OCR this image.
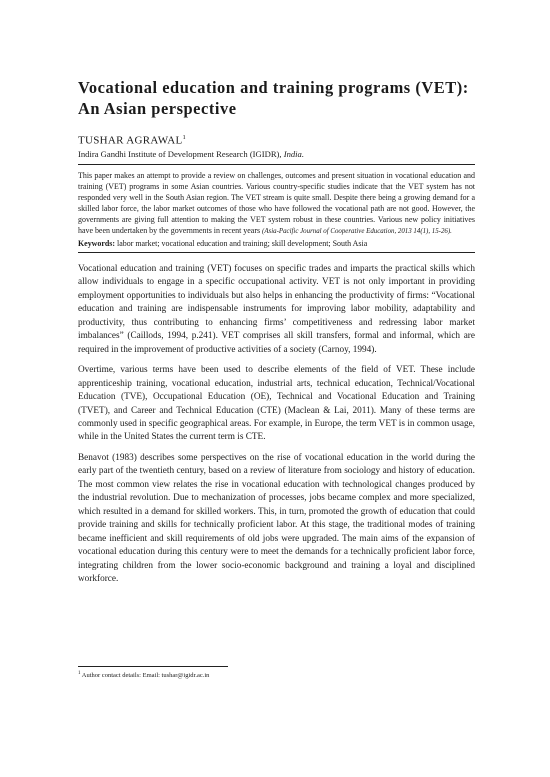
Vocational education and training programs (VET): An Asian perspective
TUSHAR AGRAWAL$^1$
Indira Gandhi Institute of Development Research (IGIDR), India.

This paper makes an attempt to provide a review on challenges, outcomes and present situation in vocational education and training (VET) programs in some Asian countries. Various country-specific studies indicate that the VET system has not responded very well in the South Asian region. The VET stream is quite small. Despite there being a growing demand for a skilled labor force, the labor market outcomes of those who have followed the vocational path are not good. However, the governments are giving full attention to making the VET system robust in these countries. Various new policy initiatives have been undertaken by the governments in recent years (Asia-Pacific Journal of Cooperative Education, 2013 14(1), 15-26).

Keywords: labor market; vocational education and training; skill development; South Asia

Vocational education and training (VET) focuses on specific trades and imparts the practical skills which allow individuals to engage in a specific occupational activity. VET is not only important in providing employment opportunities to individuals but also helps in enhancing the productivity of firms: “Vocational education and training are indispensable instruments for improving labor mobility, adaptability and productivity, thus contributing to enhancing firms’ competitiveness and redressing labor market imbalances” (Caillods, 1994, p.241). VET comprises all skill transfers, formal and informal, which are required in the improvement of productive activities of a society (Carnoy, 1994).

Overtime, various terms have been used to describe elements of the field of VET. These include apprenticeship training, vocational education, industrial arts, technical education, Technical/Vocational Education (TVE), Occupational Education (OE), Technical and Vocational Education and Training (TVET), and Career and Technical Education (CTE) (Maclean & Lai, 2011). Many of these terms are commonly used in specific geographical areas. For example, in Europe, the term VET is in common usage, while in the United States the current term is CTE.

Benavot (1983) describes some perspectives on the rise of vocational education in the world during the early part of the twentieth century, based on a review of literature from sociology and history of education. The most common view relates the rise in vocational education with technological changes produced by the industrial revolution. Due to mechanization of processes, jobs became complex and more specialized, which resulted in a demand for skilled workers. This, in turn, promoted the growth of education that could provide training and skills for technically proficient labor. At this stage, the traditional modes of training became inefficient and skill requirements of old jobs were upgraded. The main aims of the expansion of vocational education during this century were to meet the demands for a technically proficient labor force, integrating children from the lower socio-economic background and training a loyal and disciplined workforce.

$^1$ Author contact details: Email: tushar@igidr.ac.in
